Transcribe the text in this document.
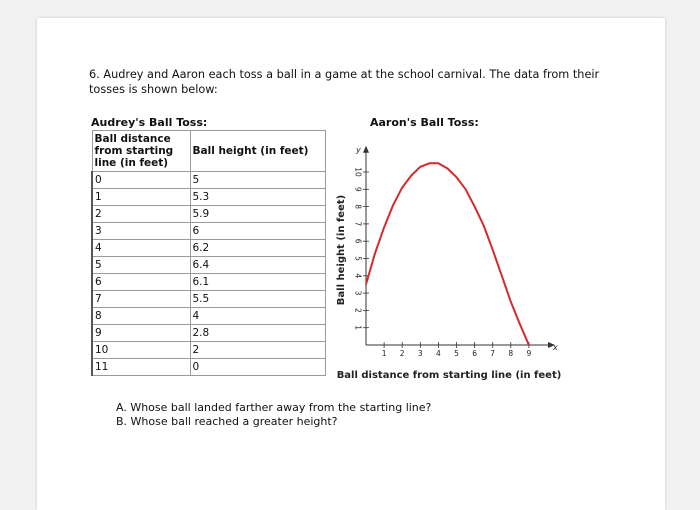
6. Audrey and Aaron each toss a ball in a game at the school carnival. The data from their tosses is shown below:
Audrey's Ball Toss:	Aaron's Ball Toss:
Ball distance from starting line (in feet)	Ball height (in feet)

0	5
1	5.3
2	5.9
3	6
4	6.2
5	6.4
6	6.1
7	5.5
8	4
9	2.8
10	2
11	0
x
y
1 2 3 4 5 6 7 8 9
1
2
3
4
5
6
7
8
9
10
Ball height (in feet)
Ball distance from starting line (in feet)
A. Whose ball landed farther away from the starting line?
B. Whose ball reached a greater height?
